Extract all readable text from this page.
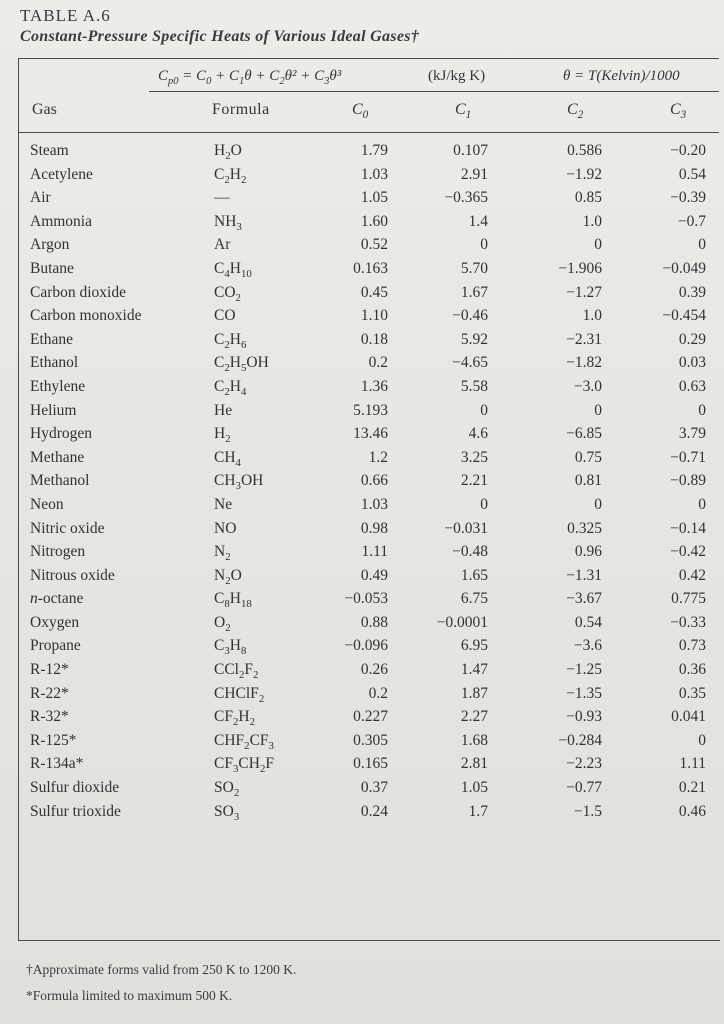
TABLE A.6
Constant-Pressure Specific Heats of Various Ideal Gases†
$C_{p0} = C_0 + C_1\theta + C_2\theta^2 + C_3\theta^3$	(kJ/kg K)	θ = T(Kelvin)/1000
Gas	Formula	$C_0$	$C_1$	$C_2$	$C_3$
Steam	$H_2O$	1.79	0.107	0.586	−0.20
Acetylene	$C_2H_2$	1.03	2.91	−1.92	0.54
Air	—	1.05	−0.365	0.85	−0.39
Ammonia	$NH_3$	1.60	1.4	1.0	−0.7
Argon	Ar	0.52	0	0	0
Butane	$C_4H_{10}$	0.163	5.70	−1.906	−0.049
Carbon dioxide	$CO_2$	0.45	1.67	−1.27	0.39
Carbon monoxide	CO	1.10	−0.46	1.0	−0.454
Ethane	$C_2H_6$	0.18	5.92	−2.31	0.29
Ethanol	$C_2H_5OH$	0.2	−4.65	−1.82	0.03
Ethylene	$C_2H_4$	1.36	5.58	−3.0	0.63
Helium	He	5.193	0	0	0
Hydrogen	$H_2$	13.46	4.6	−6.85	3.79
Methane	$CH_4$	1.2	3.25	0.75	−0.71
Methanol	$CH_3OH$	0.66	2.21	0.81	−0.89
Neon	Ne	1.03	0	0	0
Nitric oxide	NO	0.98	−0.031	0.325	−0.14
Nitrogen	$N_2$	1.11	−0.48	0.96	−0.42
Nitrous oxide	$N_2O$	0.49	1.65	−1.31	0.42
n-octane	$C_8H_{18}$	−0.053	6.75	−3.67	0.775
Oxygen	$O_2$	0.88	−0.0001	0.54	−0.33
Propane	$C_3H_8$	−0.096	6.95	−3.6	0.73
R-12*	$CCl_2F_2$	0.26	1.47	−1.25	0.36
R-22*	CHClF$_2$	0.2	1.87	−1.35	0.35
R-32*	$CF_2H_2$	0.227	2.27	−0.93	0.041
R-125*	$CHF_2CF_3$	0.305	1.68	−0.284	0
R-134a*	$CF_3CH_2F$	0.165	2.81	−2.23	1.11
Sulfur dioxide	$SO_2$	0.37	1.05	−0.77	0.21
Sulfur trioxide	$SO_3$	0.24	1.7	−1.5	0.46
†Approximate forms valid from 250 K to 1200 K.
*Formula limited to maximum 500 K.
